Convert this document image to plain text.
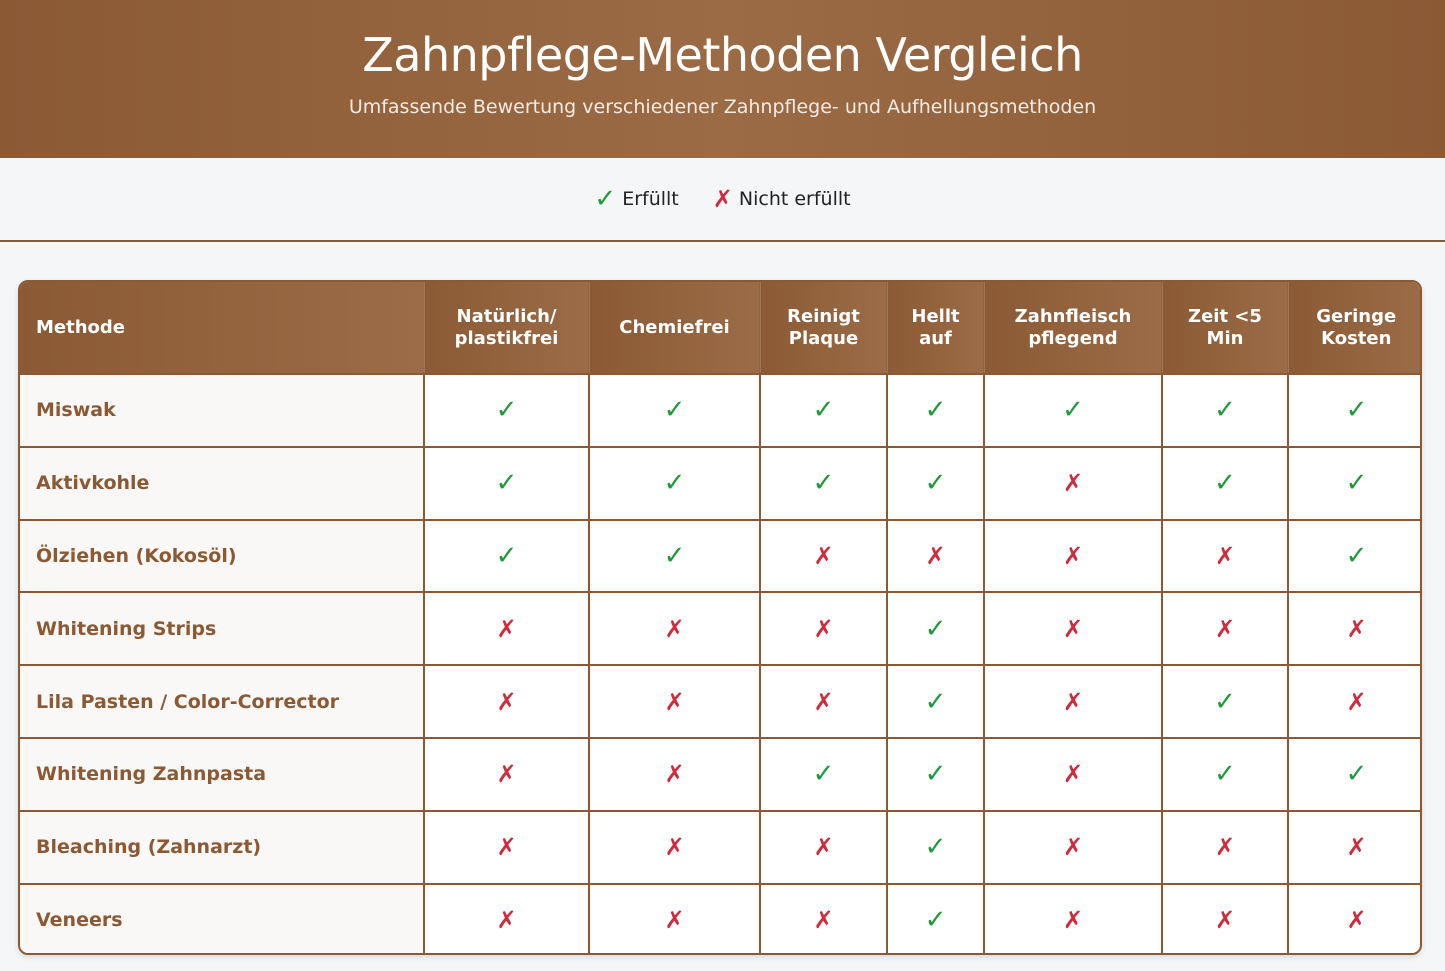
Zahnpflege-Methoden Vergleich

Umfassende Bewertung verschiedener Zahnpflege- und Aufhellungsmethoden

✓ Erfüllt ✗ Nicht erfüllt
Methode	Natürlich/ plastikfrei	Chemiefrei	Reinigt Plaque	Hellt auf	Zahnfleisch pflegend	Zeit <5 Min	Geringe Kosten
Miswak	✓	✓	✓	✓	✓	✓	✓
Aktivkohle	✓	✓	✓	✓	✗	✓	✓
Ölziehen (Kokosöl)	✓	✓	✗	✗	✗	✗	✓
Whitening Strips	✗	✗	✗	✓	✗	✗	✗
Lila Pasten / Color-Corrector	✗	✗	✗	✓	✗	✓	✗
Whitening Zahnpasta	✗	✗	✓	✓	✗	✓	✓
Bleaching (Zahnarzt)	✗	✗	✗	✓	✗	✗	✗
Veneers	✗	✗	✗	✓	✗	✗	✗
